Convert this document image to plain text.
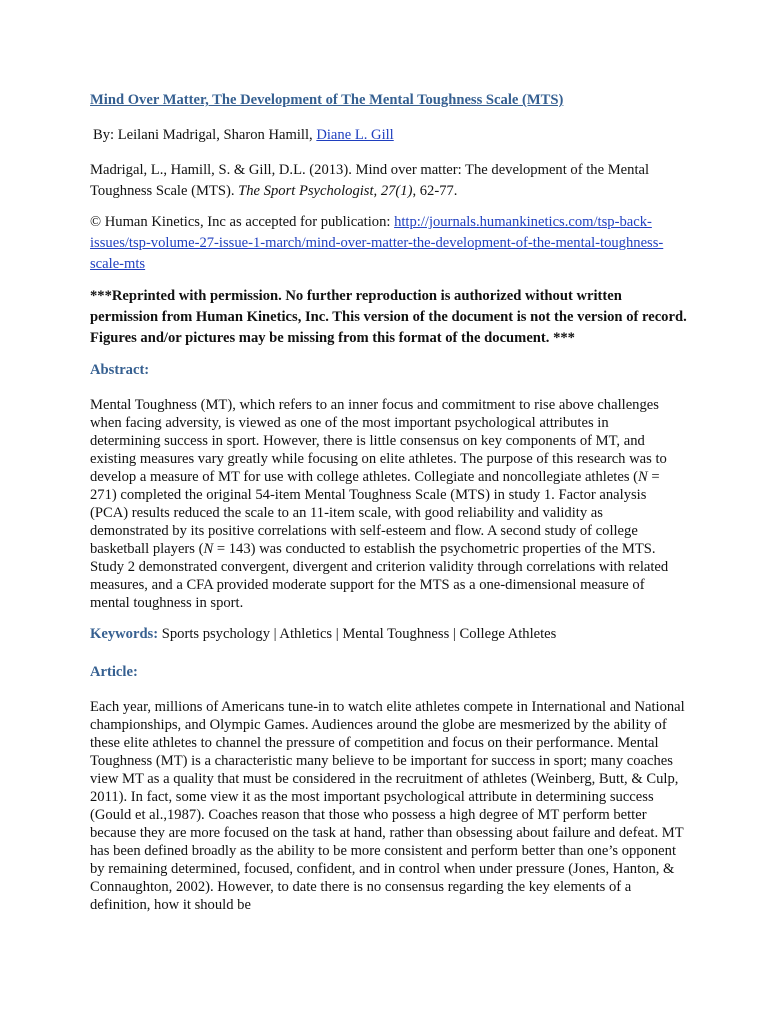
Mind Over Matter, The Development of The Mental Toughness Scale (MTS)
By: Leilani Madrigal, Sharon Hamill, Diane L. Gill
Madrigal, L., Hamill, S. & Gill, D.L. (2013). Mind over matter: The development of the Mental Toughness Scale (MTS). The Sport Psychologist, 27(1), 62-77.
© Human Kinetics, Inc as accepted for publication: http://journals.humankinetics.com/tsp-back-issues/tsp-volume-27-issue-1-march/mind-over-matter-the-development-of-the-mental-toughness-scale-mts
***Reprinted with permission. No further reproduction is authorized without written permission from Human Kinetics, Inc. This version of the document is not the version of record. Figures and/or pictures may be missing from this format of the document. ***
Abstract:
Mental Toughness (MT), which refers to an inner focus and commitment to rise above challenges when facing adversity, is viewed as one of the most important psychological attributes in determining success in sport. However, there is little consensus on key components of MT, and existing measures vary greatly while focusing on elite athletes. The purpose of this research was to develop a measure of MT for use with college athletes. Collegiate and noncollegiate athletes (N = 271) completed the original 54-item Mental Toughness Scale (MTS) in study 1. Factor analysis (PCA) results reduced the scale to an 11-item scale, with good reliability and validity as demonstrated by its positive correlations with self-esteem and flow. A second study of college basketball players (N = 143) was conducted to establish the psychometric properties of the MTS. Study 2 demonstrated convergent, divergent and criterion validity through correlations with related measures, and a CFA provided moderate support for the MTS as a one-dimensional measure of mental toughness in sport.
Keywords: Sports psychology | Athletics | Mental Toughness | College Athletes
Article:
Each year, millions of Americans tune-in to watch elite athletes compete in International and National championships, and Olympic Games. Audiences around the globe are mesmerized by the ability of these elite athletes to channel the pressure of competition and focus on their performance. Mental Toughness (MT) is a characteristic many believe to be important for success in sport; many coaches view MT as a quality that must be considered in the recruitment of athletes (Weinberg, Butt, & Culp, 2011). In fact, some view it as the most important psychological attribute in determining success (Gould et al.,1987). Coaches reason that those who possess a high degree of MT perform better because they are more focused on the task at hand, rather than obsessing about failure and defeat. MT has been defined broadly as the ability to be more consistent and perform better than one’s opponent by remaining determined, focused, confident, and in control when under pressure (Jones, Hanton, & Connaughton, 2002). However, to date there is no consensus regarding the key elements of a definition, how it should be
